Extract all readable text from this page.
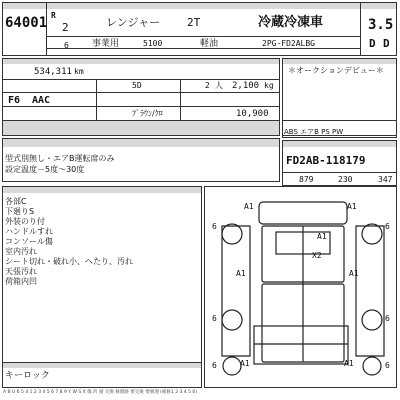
64001 R
2
6
レンジャー 2T	冷蔵冷凍車	3.5
事業用	5100	軽油	2PG-FD2ALBG	D D
534,311 km
F6 AAC
5D
ﾌﾞﾗｳﾝ/ｸﾛ
2 人 2,100 kg
10,900
＊オークションデビュー＊
ABS エアB PS PW
型式別無し・エアB運転席のみ
設定温度－5度～30度
FD2AB-118179
879	230	347
各部C
下廻りS
外装のり付
ハンドルすれ
コンソール傷
室内汚れ
シート切れ・破れ小、へたり、汚れ
天張汚れ
荷箱内凹
キーロック
A1	A1
A1
X2
A1	A1
A1	A1
6	6
6	6
6	6
A B U 6 5 4 1 2 3 4 5 6 7 8 9 Y W S X 傷 凹 錆 交換 修理跡 要交換 要修理 (補修1 2 3 4 5 6)
